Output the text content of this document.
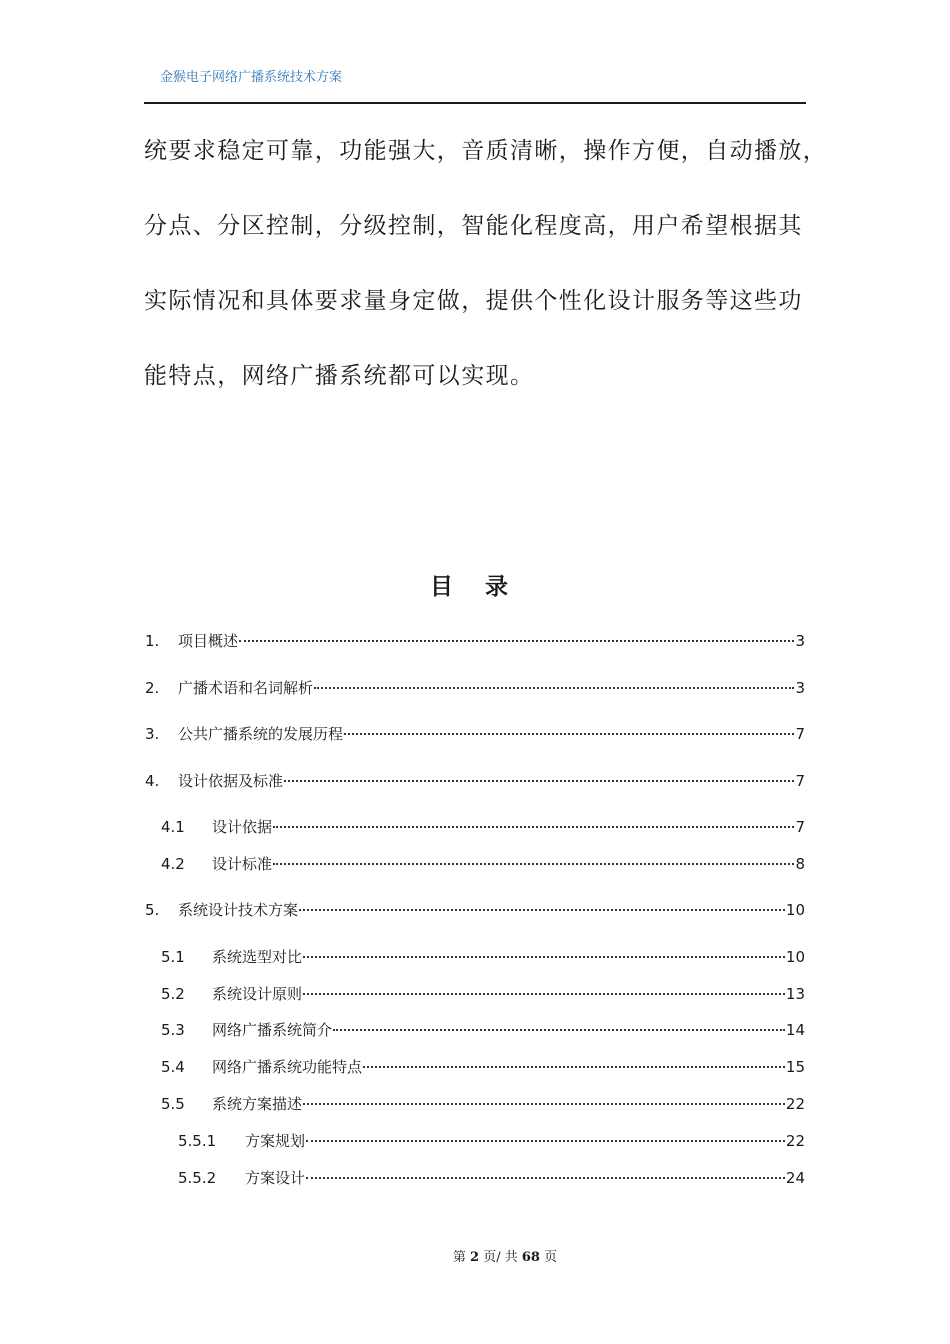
金猴电子网络广播系统技术方案
统要求稳定可靠，功能强大，音质清晰，操作方便，自动播放，
分点、分区控制，分级控制，智能化程度高，用户希望根据其
实际情况和具体要求量身定做，提供个性化设计服务等这些功
能特点，网络广播系统都可以实现。
目 录
1.	项目概述	3
2.	广播术语和名词解析	3
3.	公共广播系统的发展历程	7
4.	设计依据及标准	7
4.1	设计依据	7
4.2	设计标准	8
5.	系统设计技术方案	10
5.1	系统选型对比	10
5.2	系统设计原则	13
5.3	网络广播系统简介	14
5.4	网络广播系统功能特点	15
5.5	系统方案描述	22
5.5.1	方案规划	22
5.5.2	方案设计	24
第 2 页/ 共 68 页
